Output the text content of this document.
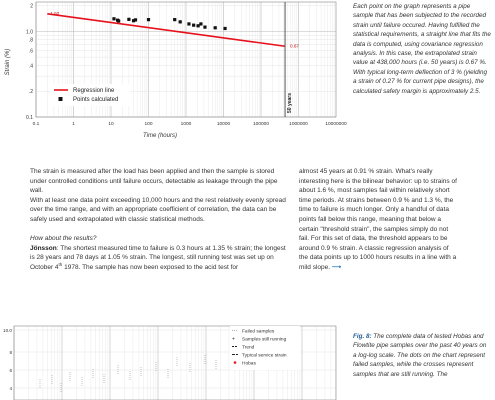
2
1.0
.8
.6
.4
.2
0.1
0.1	1	10	100	1000	10000	100000	1000000	10000000
1.60
0.67
50 years
Strain (%)
Time (hours)
Regression line
Points calculated
Each point on the graph represents a pipe sample that has been subjected to the recorded strain until failure occured. Having fulfilled the statistical requirements, a straight line that fits the data is computed, using covariance regression analysis. In this case, the extrapolated strain value at 438,000 hours (i.e. 50 years) is 0.67 %. With typical long-term deflection of 3 % (yielding a strain of 0.27 % for current pipe designs), the calculated safety margin is approximately 2.5.

The strain is measured after the load has been applied and then the sample is stored under controlled conditions until failure occurs, detectable as leakage through the pipe wall.

With at least one data point exceeding 10,000 hours and the rest relatively evenly spread over the time range, and with an appropriate coefficient of correlation, the data can be safely used and extrapolated with classic statistical methods.

How about the results?

Jönsson: The shortest measured time to failure is 0.3 hours at 1.35 % strain; the longest is 28 years and 78 days at 1.05 % strain. The longest, still running test was set up on October 4th 1978. The sample has now been exposed to the acid test for

almost 45 years at 0.91 % strain. What's really interesting here is the bilinear behavior: up to strains of about 1.6 %, most samples fail within relatively short time periods. At strains between 0.9 % and 1.3 %, the time to failure is much longer. Only a handful of data points fall below this range, meaning that below a certain "threshold strain", the samples simply do not fail. For this set of data, the threshold appears to be around 0.9 % strain. A classic regression analysis of the data points up to 1000 hours results in a line with a mild slope. ⟶

10.0
8
6
4
Failed samples
+ Samples still running
Trend
Typical service strain
Hobas
Fig. 8: The complete data of tested Hobas and Flowtite pipe samples over the past 40 years on a log-log scale. The dots on the chart represent failed samples, while the crosses represent samples that are still running. The
